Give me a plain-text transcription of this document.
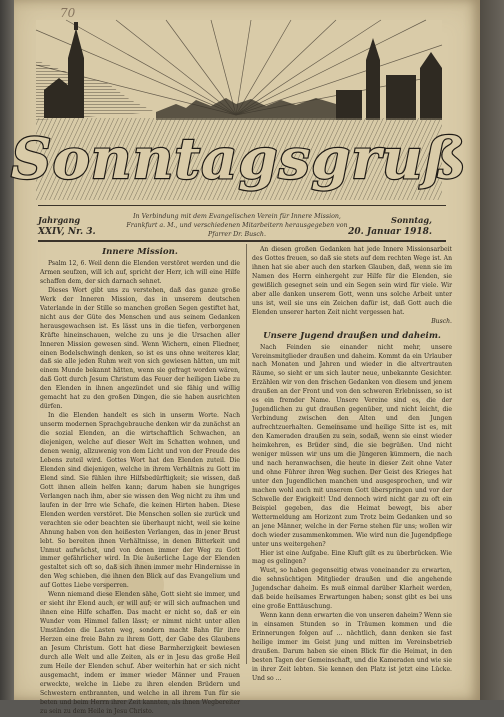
70
Sonntagsgruß
Jahrgang
XXIV, Nr. 3.
In Verbindung mit dem Evangelischen Verein für Innere Mission, Frankfurt a. M., und verschiedenen Mitarbeitern herausgegeben von Pfarrer Dr. Busch.
Sonntag,
20. Januar 1918.
Innere Mission.

Psalm 12, 6. Weil denn die Elenden verstöret werden und die Armen seufzen, will ich auf, spricht der Herr, ich will eine Hilfe schaffen dem, der sich darnach sehnet.

Dieses Wort gibt uns zu verstehen, daß das ganze große Werk der Inneren Mission, das in unserem deutschen Vaterlande in der Stille so manchen großen Segen gestiftet hat, nicht aus der Güte des Menschen und aus seinem Gedanken herausgewachsen ist. Es lässt uns in die tiefen, verborgenen Kräfte hineinschauen, welche zu uns je die Ursachen aller Inneren Mission gewesen sind. Wenn Wichern, einen Fliedner, einen Bodelschwingh denken, so ist es uns ohne weiteres klar, daß sie alle jeden Ruhm weit von sich gewiesen hätten, um mit einem Munde bekannt hätten, wenn sie gefragt worden wären, daß Gott durch Jesum Christum das Feuer der heiligen Liebe zu den Elenden in ihnen angezündet und sie fähig und willig gemacht hat zu den großen Dingen, die sie haben ausrichten dürfen.

In die Elenden handelt es sich in unserm Worte. Nach unserm modernen Sprachgebrauche denken wir da zunächst an die sozial Elenden, an die wirtschaftlich Schwachen, an diejenigen, welche auf dieser Welt im Schatten wohnen, und denen wenig, allzuwenig von dem Licht und von der Freude des Lebens zuteil wird. Gottes Wort hat den Elenden zuteil. Die Elenden sind diejenigen, welche in ihrem Verhältnis zu Gott im Elend sind. Sie fühlen ihre Hilfsbedürftigkeit; sie wissen, daß Gott ihnen allein helfen kann; darum haben sie hungriges Verlangen nach ihm, aber sie wissen den Weg nicht zu ihm und laufen in der Irre wie Schafe, die keinen Hirten haben. Diese Elenden werden verstöret. Die Menschen sollen sie zurück und verachten sie oder beachten sie überhaupt nicht, weil sie keine Ahnung haben von den heißesten Verlangen, das in jener Brust lebt. So bereiten ihnen Verhältnisse, in denen Bitterkeit und Unmut aufwächst, und von denen immer der Weg zu Gott immer gefährlicher wird. In Die äußerliche Lage der Elenden gestaltet sich oft so, daß sich ihnen immer mehr Hindernisse in den Weg schieben, die ihnen den Blick auf das Evangelium und auf Gottes Liebe versperren.

Wenn niemand diese Elenden sähe, Gott sieht sie immer, und er sieht ihr Elend auch, er will auf; er will sich aufmachen und ihnen eine Hilfe schaffen. Das macht er nicht so, daß er ein Wunder vom Himmel fallen lässt; er nimmt nicht unter allen Umständen die Lasten weg, sondern macht Bahn für ihre Herzen eine freie Bahn zu ihrem Gott, der Gabe des Glaubens an Jesum Christum. Gott hat diese Barmherzigkeit bewiesen durch alle Welt und alle Zeiten, als er in Jesu das große Heil zum Heile der Elenden schuf. Aber weiterhin hat er sich nicht ausgemacht, indem er immer wieder Männer und Frauen erweckte, welche in Liebe zu ihren elenden Brüdern und Schwestern entbrannten, und welche in all ihrem Tun für sie beten und beim Herrn ihrer Zeit kannten, als ihnen Wegbereiter zu sein zu dem Heile in Jesu Christo.

An diesen großen Gedanken hat jede Innere Missionsarbeit des Gottes freuen, so daß sie stets auf dem rechten Wege ist. An ihnen hat sie aber auch den starken Glauben, daß, wenn sie im Namen des Herrn einhergeht zur Hilfe für die Elenden, sie gewißlich gesegnet sein und ein Segen sein wird für viele. Wir aber alle danken unserem Gott, wenn uns solche Arbeit unter uns ist, weil sie uns ein Zeichen dafür ist, daß Gott auch die Elenden unserer harten Zeit nicht vergessen hat.

Busch.
Unsere Jugend draußen und daheim.

Nach Feinden sie einander nicht mehr, unsere Vereinsmitglieder draußen und daheim. Kommt da ein Urlauber nach Monaten und Jahren und wieder in die altvertrauten Räume, so sieht er um sich lauter neue, unbekannte Gesichter. Erzählen wir von den frischen Gedanken von diesem und jenem draußen an der Front und von den schweren Erlebnissen, so ist es ein fremder Name. Unsere Vereine sind es, die der Jugendlichen zu gut draußen gegenüber, und nicht leicht, die Verbindung zwischen den Alten und den Jungen aufrechtzuerhalten. Gemeinsame und heilige Sitte ist es, mit den Kameraden draußen zu sein, sodaß, wenn sie einst wieder heimkehren, es Brüder sind, die sie begrüßen. Und nicht weniger müssen wir uns um die Jüngeren kümmern, die nach und nach heranwachsen, die heute in dieser Zeit ohne Vater und ohne Führer ihren Weg suchen. Der Geist des Krieges hat unter den Jugendlichen manchen und ausgesprochen, und wir machen wohl auch mit unserem Gott überspringen und vor der Schwelle der Ewigkeit! Und dennoch wird nicht gar zu oft ein Beispiel gegeben, das die Heimat bewegt, bis aber Wettermeldung am Horizont zum Trotz beim Gedanken und so an jene Männer, welche in der Ferne stehen für uns; wollen wir doch wieder zusammenkommen. Wie wird nun die Jugendpflege unter uns weitergehen?

Hier ist eine Aufgabe. Eine Kluft gilt es zu überbrücken. Wie mag es gelingen?

Wust, so haben gegenseitig etwas voneinander zu erwarten, die sehnsüchtigen Mitglieder draußen und die angehende Jugendschar daheim. Es muß einmal darüber Klarheit werden, daß beide heilsames Erwartungen haben; sonst gibt es bei uns eine große Enttäuschung.

Wenn kann denn erwarten die von unseren daheim? Wenn sie in einsamen Stunden so in Träumen kommen und die Erinnerungen folgen auf ... nächtlich, dann denken sie fast heilige immer im Geist jung und mitten im Vereinsbetrieb draußen. Darum haben sie einen Blick für die Heimat, in den besten Tagen der Gemeinschaft, und die Kameraden und wie sie in ihrer Zeit lebten. Sie kennen den Platz ist jetzt eine Lücke. Und so ...
